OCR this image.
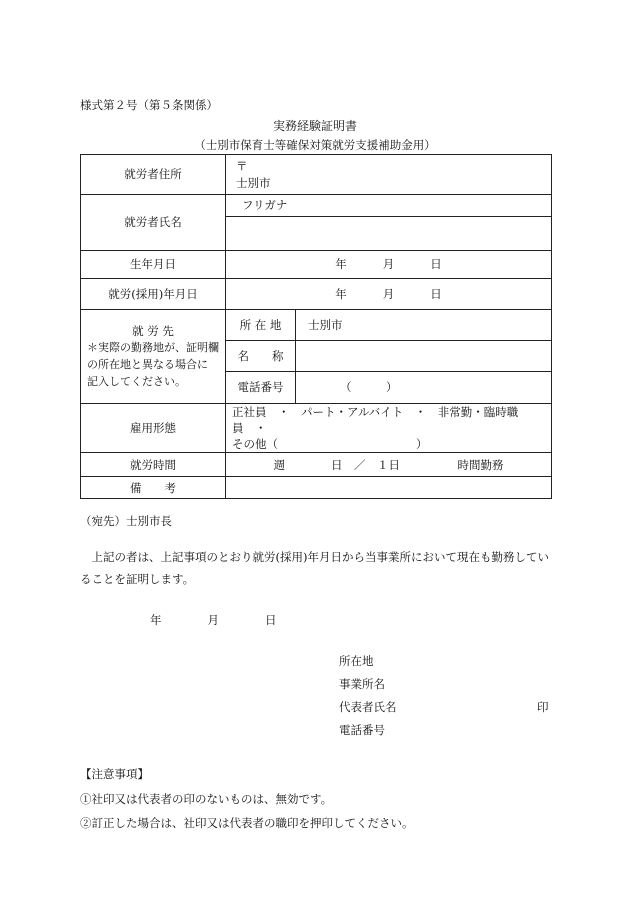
様式第２号（第５条関係）
実務経験証明書
（士別市保育士等確保対策就労支援補助金用）
就労者住所	〒
士別市	

就労者氏名	フリガナ	

生年月日	年 月 日	

就労(採用)年月日	年 月 日	

就 労 先
＊実際の勤務地が、証明欄
の所在地と異なる場合に
記入してください。	所 在 地	士別市
	名　　称	
	電話番号	（　　　）
雇用形態	正社員　・　パート・アルバイト　・　非常勤・臨時職員　・
その他（　　　　　　　　　　　　）	

就労時間	週　　　　日　／　１日　　　　　時間勤務	
備　　考		
（宛先）士別市長
上記の者は、上記事項のとおり就労(採用)年月日から当事業所において現在も勤務していることを証明します。
年　　　　月　　　　日
所在地
事業所名
代表者氏名	印
電話番号
【注意事項】
①社印又は代表者の印のないものは、無効です。
②訂正した場合は、社印又は代表者の職印を押印してください。
